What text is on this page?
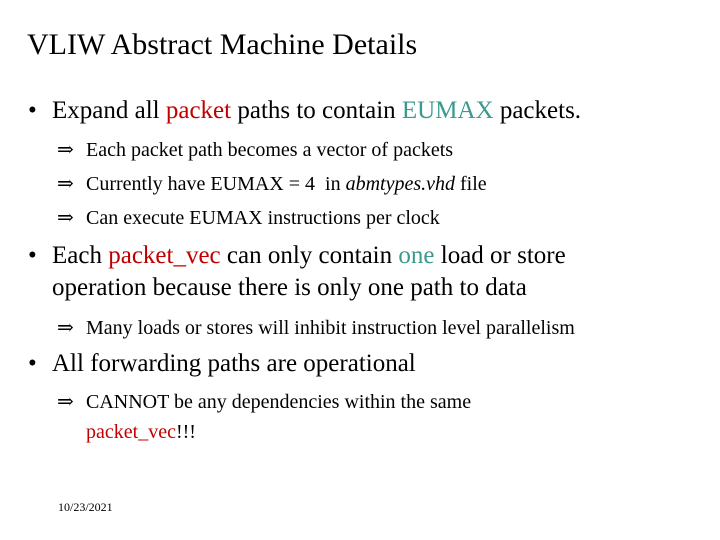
VLIW Abstract Machine Details
• Expand all packet paths to contain EUMAX packets.
⇒ Each packet path becomes a vector of packets
⇒ Currently have EUMAX = 4  in abmtypes.vhd file
⇒ Can execute EUMAX instructions per clock
• Each packet_vec can only contain one load or store
operation because there is only one path to data
⇒ Many loads or stores will inhibit instruction level parallelism
• All forwarding paths are operational
⇒ CANNOT be any dependencies within the same
packet_vec!!!
10/23/2021
